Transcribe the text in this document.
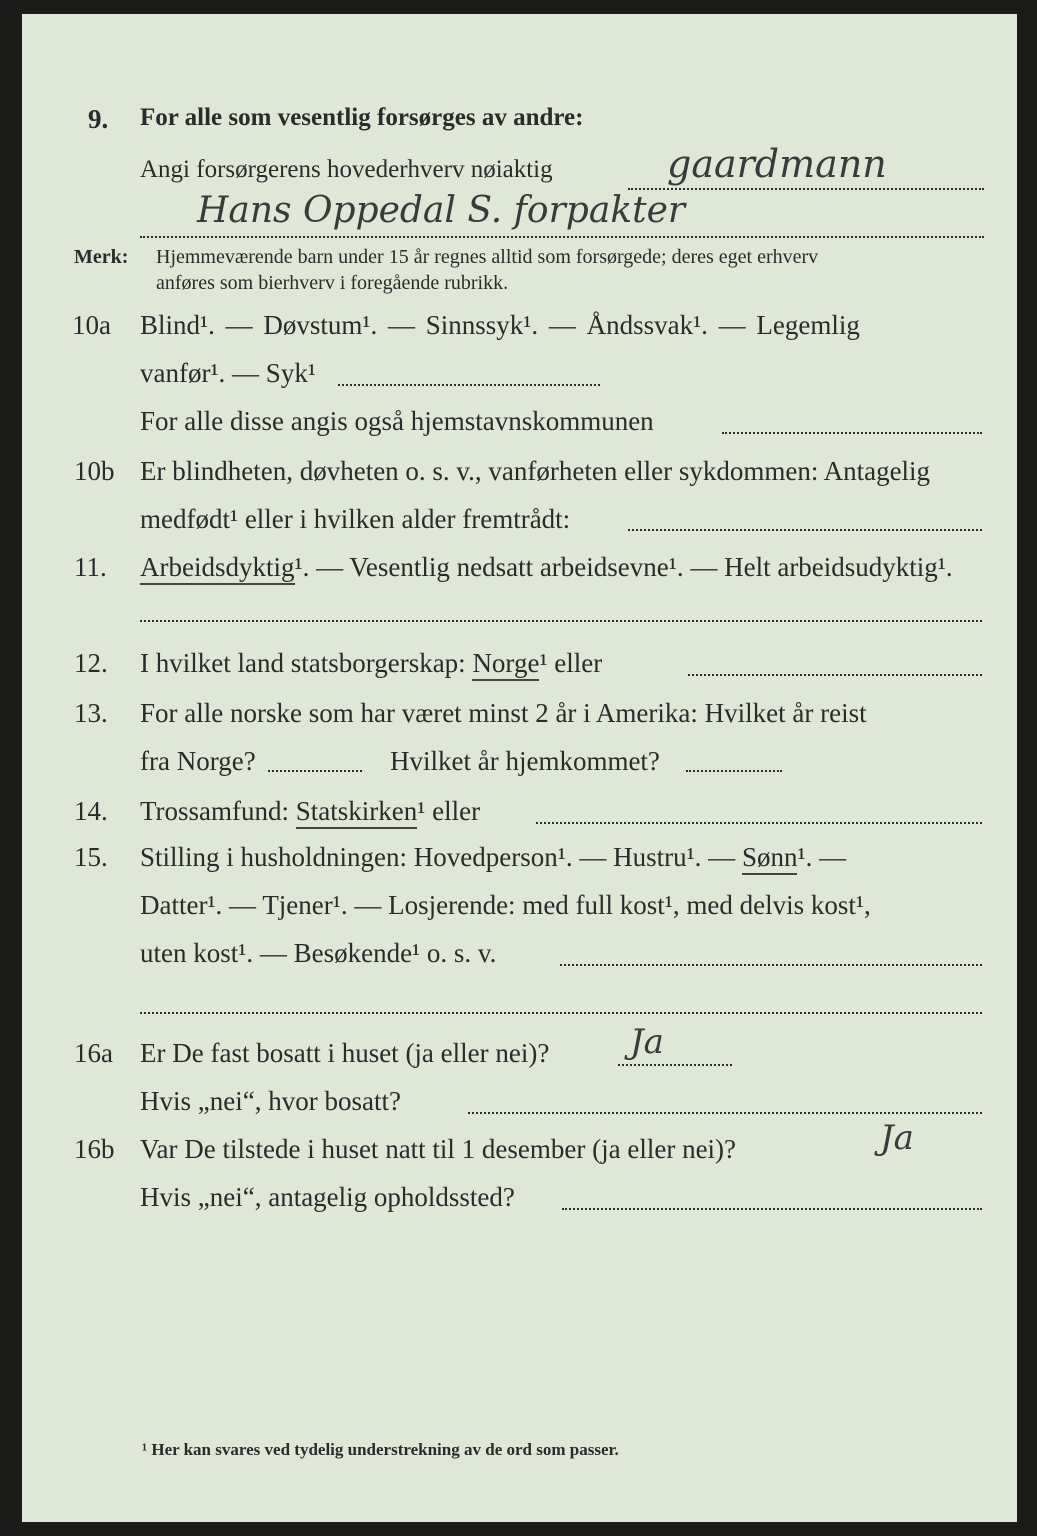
9. For alle som vesentlig forsørges av andre:
Angi forsørgerens hovederhverv nøiaktig	gaardmann
Hans Oppedal S. forpakter
Merk: Hjemmeværende barn under 15 år regnes alltid som forsørgede; deres eget erhverv
anføres som bierhverv i foregående rubrikk.
10a Blind¹. — Døvstum¹. — Sinnssyk¹. — Åndssvak¹. — Legemlig
vanfør¹. — Syk¹
For alle disse angis også hjemstavnskommunen
10b Er blindheten, døvheten o. s. v., vanførheten eller sykdommen: Antagelig
medfødt¹ eller i hvilken alder fremtrådt:
11. Arbeidsdyktig¹. — Vesentlig nedsatt arbeidsevne¹. — Helt arbeidsudyktig¹.
12. I hvilket land statsborgerskap: Norge¹ eller
13. For alle norske som har været minst 2 år i Amerika: Hvilket år reist
fra Norge?	Hvilket år hjemkommet?
14. Trossamfund: Statskirken¹ eller
15. Stilling i husholdningen: Hovedperson¹. — Hustru¹. — Sønn¹. —
Datter¹. — Tjener¹. — Losjerende: med full kost¹, med delvis kost¹,
uten kost¹. — Besøkende¹ o. s. v.
16a Er De fast bosatt i huset (ja eller nei)? Ja
Hvis „nei“, hvor bosatt?
16b Var De tilstede i huset natt til 1 desember (ja eller nei)?	Ja
Hvis „nei“, antagelig opholdssted?
¹ Her kan svares ved tydelig understrekning av de ord som passer.
